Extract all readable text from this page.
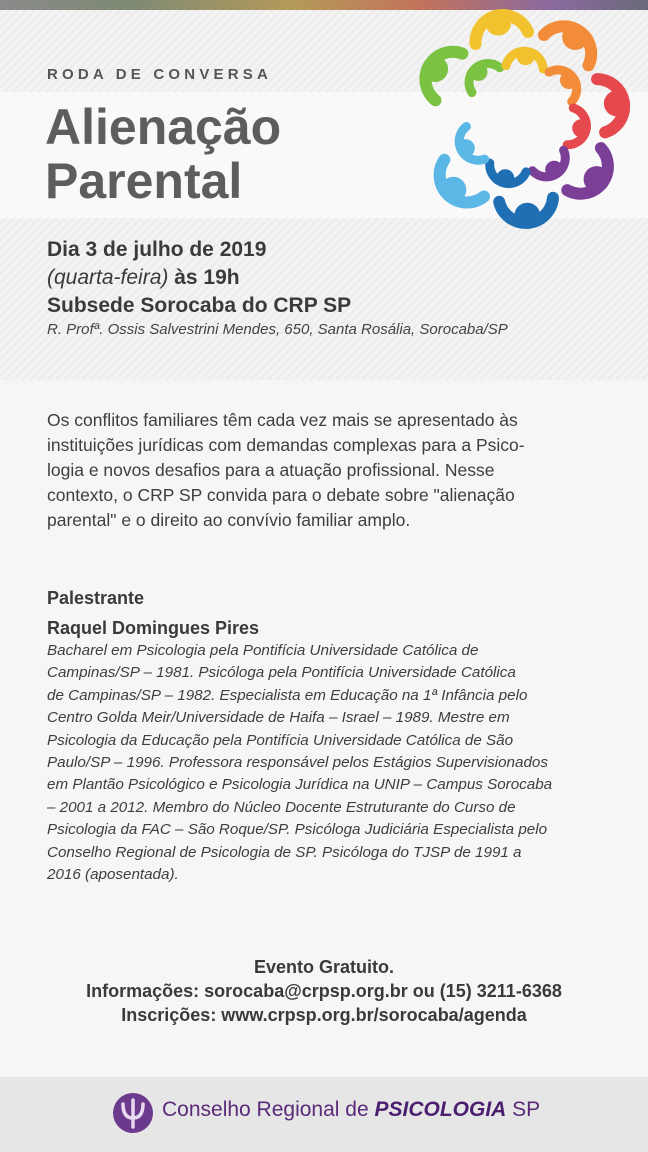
RODA DE CONVERSA
Alienação
Parental
Dia 3 de julho de 2019
(quarta-feira) às 19h
Subsede Sorocaba do CRP SP
R. Profª. Ossis Salvestrini Mendes, 650, Santa Rosália, Sorocaba/SP
Os conflitos familiares têm cada vez mais se apresentado às
instituições jurídicas com demandas complexas para a Psico-
logia e novos desafios para a atuação profissional. Nesse
contexto, o CRP SP convida para o debate sobre "alienação
parental" e o direito ao convívio familiar amplo.
Palestrante
Raquel Domingues Pires
Bacharel em Psicologia pela Pontifícia Universidade Católica de
Campinas/SP – 1981. Psicóloga pela Pontifícia Universidade Católica
de Campinas/SP – 1982. Especialista em Educação na 1ª Infância pelo
Centro Golda Meir/Universidade de Haifa – Israel – 1989. Mestre em
Psicologia da Educação pela Pontifícia Universidade Católica de São
Paulo/SP – 1996. Professora responsável pelos Estágios Supervisionados
em Plantão Psicológico e Psicologia Jurídica na UNIP – Campus Sorocaba
– 2001 a 2012. Membro do Núcleo Docente Estruturante do Curso de
Psicologia da FAC – São Roque/SP. Psicóloga Judiciária Especialista pelo
Conselho Regional de Psicologia de SP. Psicóloga do TJSP de 1991 a
2016 (aposentada).
Evento Gratuito.
Informações: sorocaba@crpsp.org.br ou (15) 3211-6368
Inscrições: www.crpsp.org.br/sorocaba/agenda
Conselho Regional de PSICOLOGIA SP
